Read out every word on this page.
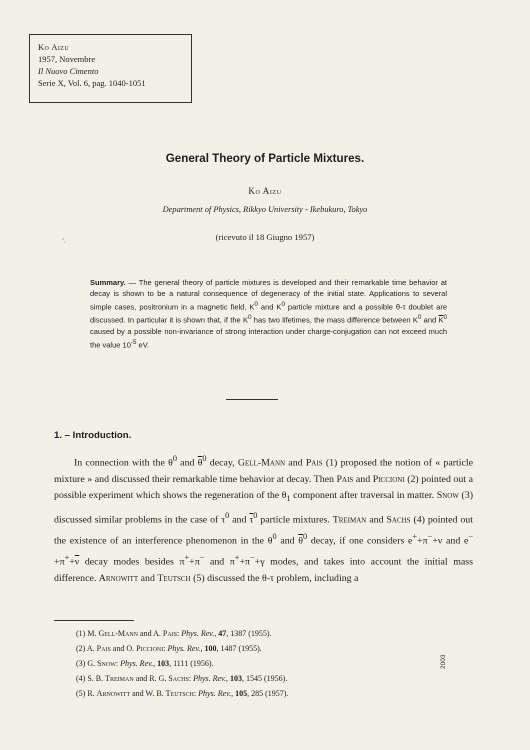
Ko Aizu
1957, Novembre
Il Nuovo Cimento
Serie X, Vol. 6, pag. 1040-1051
General Theory of Particle Mixtures.
Ko Aizu
Department of Physics, Rikkyo University - Ikebukuro, Tokyo
(ricevuto il 18 Giugno 1957)
ˇ.
Summary. — The general theory of particle mixtures is developed and their remarkable time behavior at decay is shown to be a natural consequence of degeneracy of the initial state. Applications to several simple cases, positronium in a magnetic field, $K^0$ and $K^0$ particle mixture and a possible θ-τ doublet are discussed. In particular it is shown that, if the $K^0$ has two lifetimes, the mass difference between $K^0$ and $\overline{K}^0$ caused by a possible non-invariance of strong interaction under charge-conjugation can not exceed much the value $10^{-5}$ eV.
1. – Introduction.

In connection with the $\theta^0$ and $\overline{\theta}^0$ decay, Gell-Mann and Pais (1) proposed the notion of « particle mixture » and discussed their remarkable time behavior at decay. Then Pais and Piccioni (2) pointed out a possible experiment which shows the regeneration of the $\theta_1$ component after traversal in matter. Snow (3) discussed similar problems in the case of $\tau^0$ and $\overline{\tau}^0$ particle mixtures. Treiman and Sachs (4) pointed out the existence of an interference phenomenon in the $\theta^0$ and $\overline{\theta}^0$ decay, if one considers e++π−+ν and $e^-+\pi^++\overline{\nu}$ decay modes besides π++π− and π++π−+γ modes, and takes into account the initial mass difference. Arnowitt and Teutsch (5) discussed the θ-τ problem, including a

(1) M. Gell-Mann and A. Pais: Phys. Rev., 47, 1387 (1955).
(2) A. Pais and O. Piccioni: Phys. Rev., 100, 1487 (1955).
(3) G. Snow: Phys. Rev., 103, 1111 (1956).
(4) S. B. Treiman and R. G. Sachs: Phys. Rev., 103, 1545 (1956).
(5) R. Arnowitt and W. B. Teutsch: Phys. Rev., 105, 285 (1957).
2003
